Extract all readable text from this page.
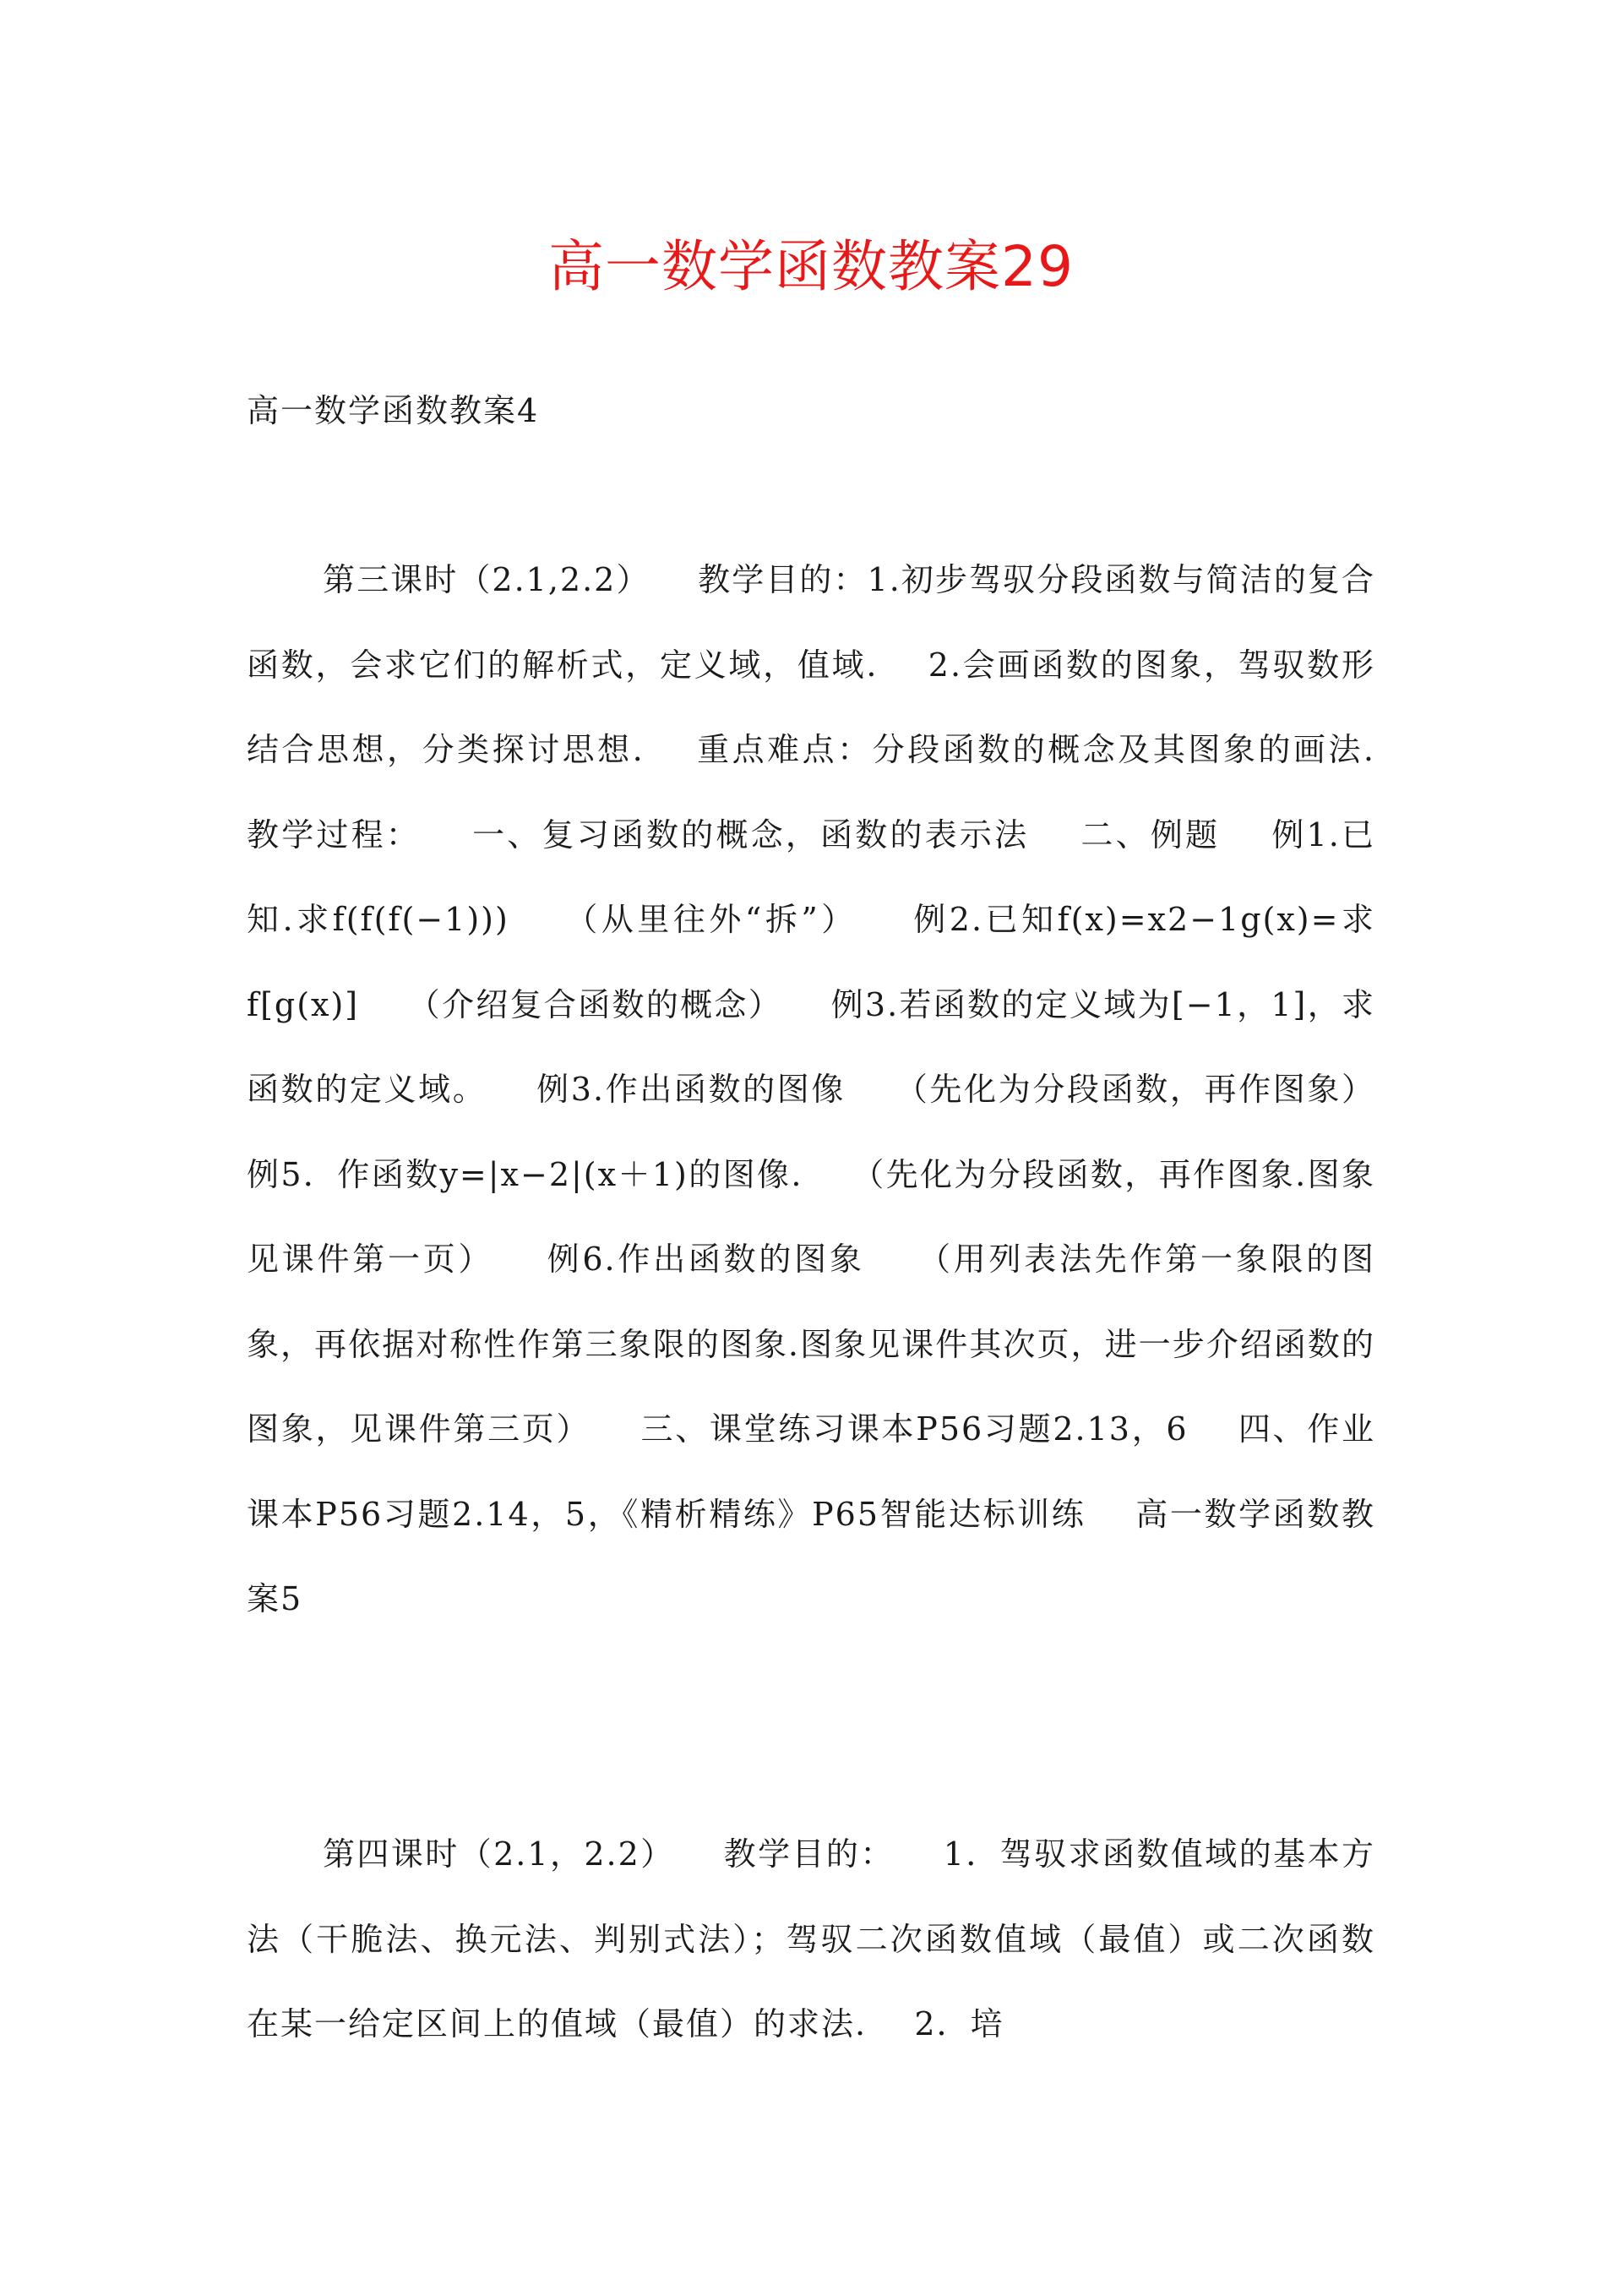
高一数学函数教案29
高一数学函数教案4

第三课时（2.1,2.2）    教学目的：1.初步驾驭分段函数与简洁的复合函数，会求它们的解析式，定义域，值域.    2.会画函数的图象，驾驭数形结合思想，分类探讨思想.    重点难点：分段函数的概念及其图象的画法.    教学过程：    一、复习函数的概念，函数的表示法    二、例题    例1.已知.求f(f(f(−1)))    （从里往外“拆”）    例2.已知f(x)=x2−1g(x)=求f[g(x)]    （介绍复合函数的概念）    例3.若函数的定义域为[−1，1]，求函数的定义域。    例3.作出函数的图像    （先化为分段函数，再作图象）例5．作函数y=|x−2|(x＋1)的图像.    （先化为分段函数，再作图象.图象见课件第一页）    例6.作出函数的图象    （用列表法先作第一象限的图象，再依据对称性作第三象限的图象.图象见课件其次页，进一步介绍函数的图象，见课件第三页）    三、课堂练习课本P56习题2.13，6    四、作业课本P56习题2.14，5，《精析精练》P65智能达标训练    高一数学函数教案5

第四课时（2.1，2.2）    教学目的：    1．驾驭求函数值域的基本方法（干脆法、换元法、判别式法）；驾驭二次函数值域（最值）或二次函数在某一给定区间上的值域（最值）的求法.    2．培
